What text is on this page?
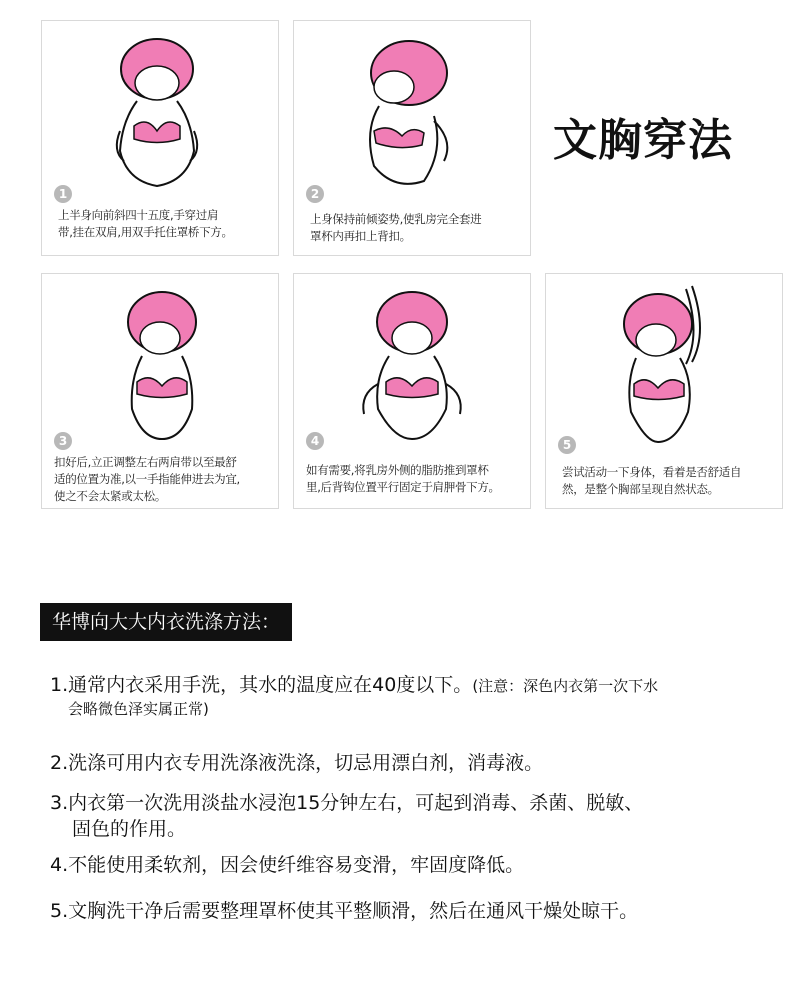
文胸穿法
1
上半身向前斜四十五度,手穿过肩
带,挂在双肩,用双手托住罩桥下方。
2
上身保持前倾姿势,使乳房完全套进
罩杯内再扣上背扣。
3
扣好后,立正调整左右两肩带以至最舒
适的位置为准,以一手指能伸进去为宜,
使之不会太紧或太松。
4
如有需要,将乳房外侧的脂肪推到罩杯
里,后背钩位置平行固定于肩胛骨下方。
5
尝试活动一下身体，看着是否舒适自
然，是整个胸部呈现自然状态。
华博向大大内衣洗涤方法：
1.通常内衣采用手洗，其水的温度应在40度以下。(注意：深色内衣第一次下水
会略微色泽实属正常)
2.洗涤可用内衣专用洗涤液洗涤，切忌用漂白剂，消毒液。
3.内衣第一次洗用淡盐水浸泡15分钟左右，可起到消毒、杀菌、脱敏、
固色的作用。
4.不能使用柔软剂，因会使纤维容易变滑，牢固度降低。
5.文胸洗干净后需要整理罩杯使其平整顺滑，然后在通风干燥处晾干。
